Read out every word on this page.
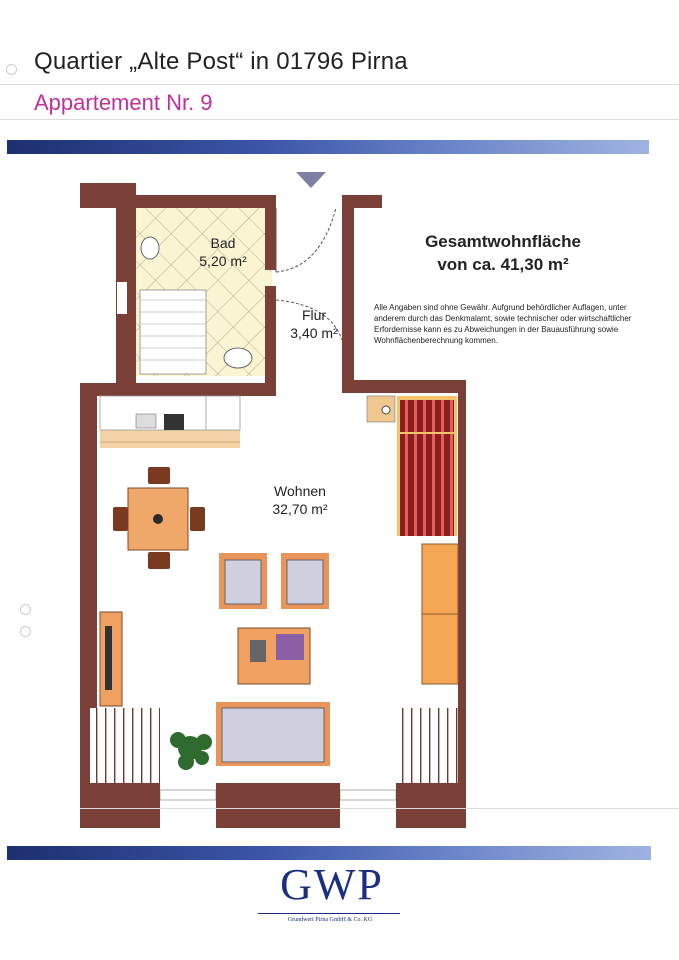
Quartier „Alte Post“ in 01796 Pirna
Appartement Nr. 9
Bad
5,20 m²
Flur
3,40 m²
Wohnen
32,70 m²
Gesamtwohnfläche
von ca. 41,30 m²
Alle Angaben sind ohne Gewähr. Aufgrund behördlicher Auflagen, unter anderem durch das Denkmalamt, sowie technischer oder wirtschaftlicher Erfordernisse kann es zu Abweichungen in der Bauausführung sowie Wohnflächenberechnung kommen.
GWP
Grundwert Pirna GmbH & Co. KG
